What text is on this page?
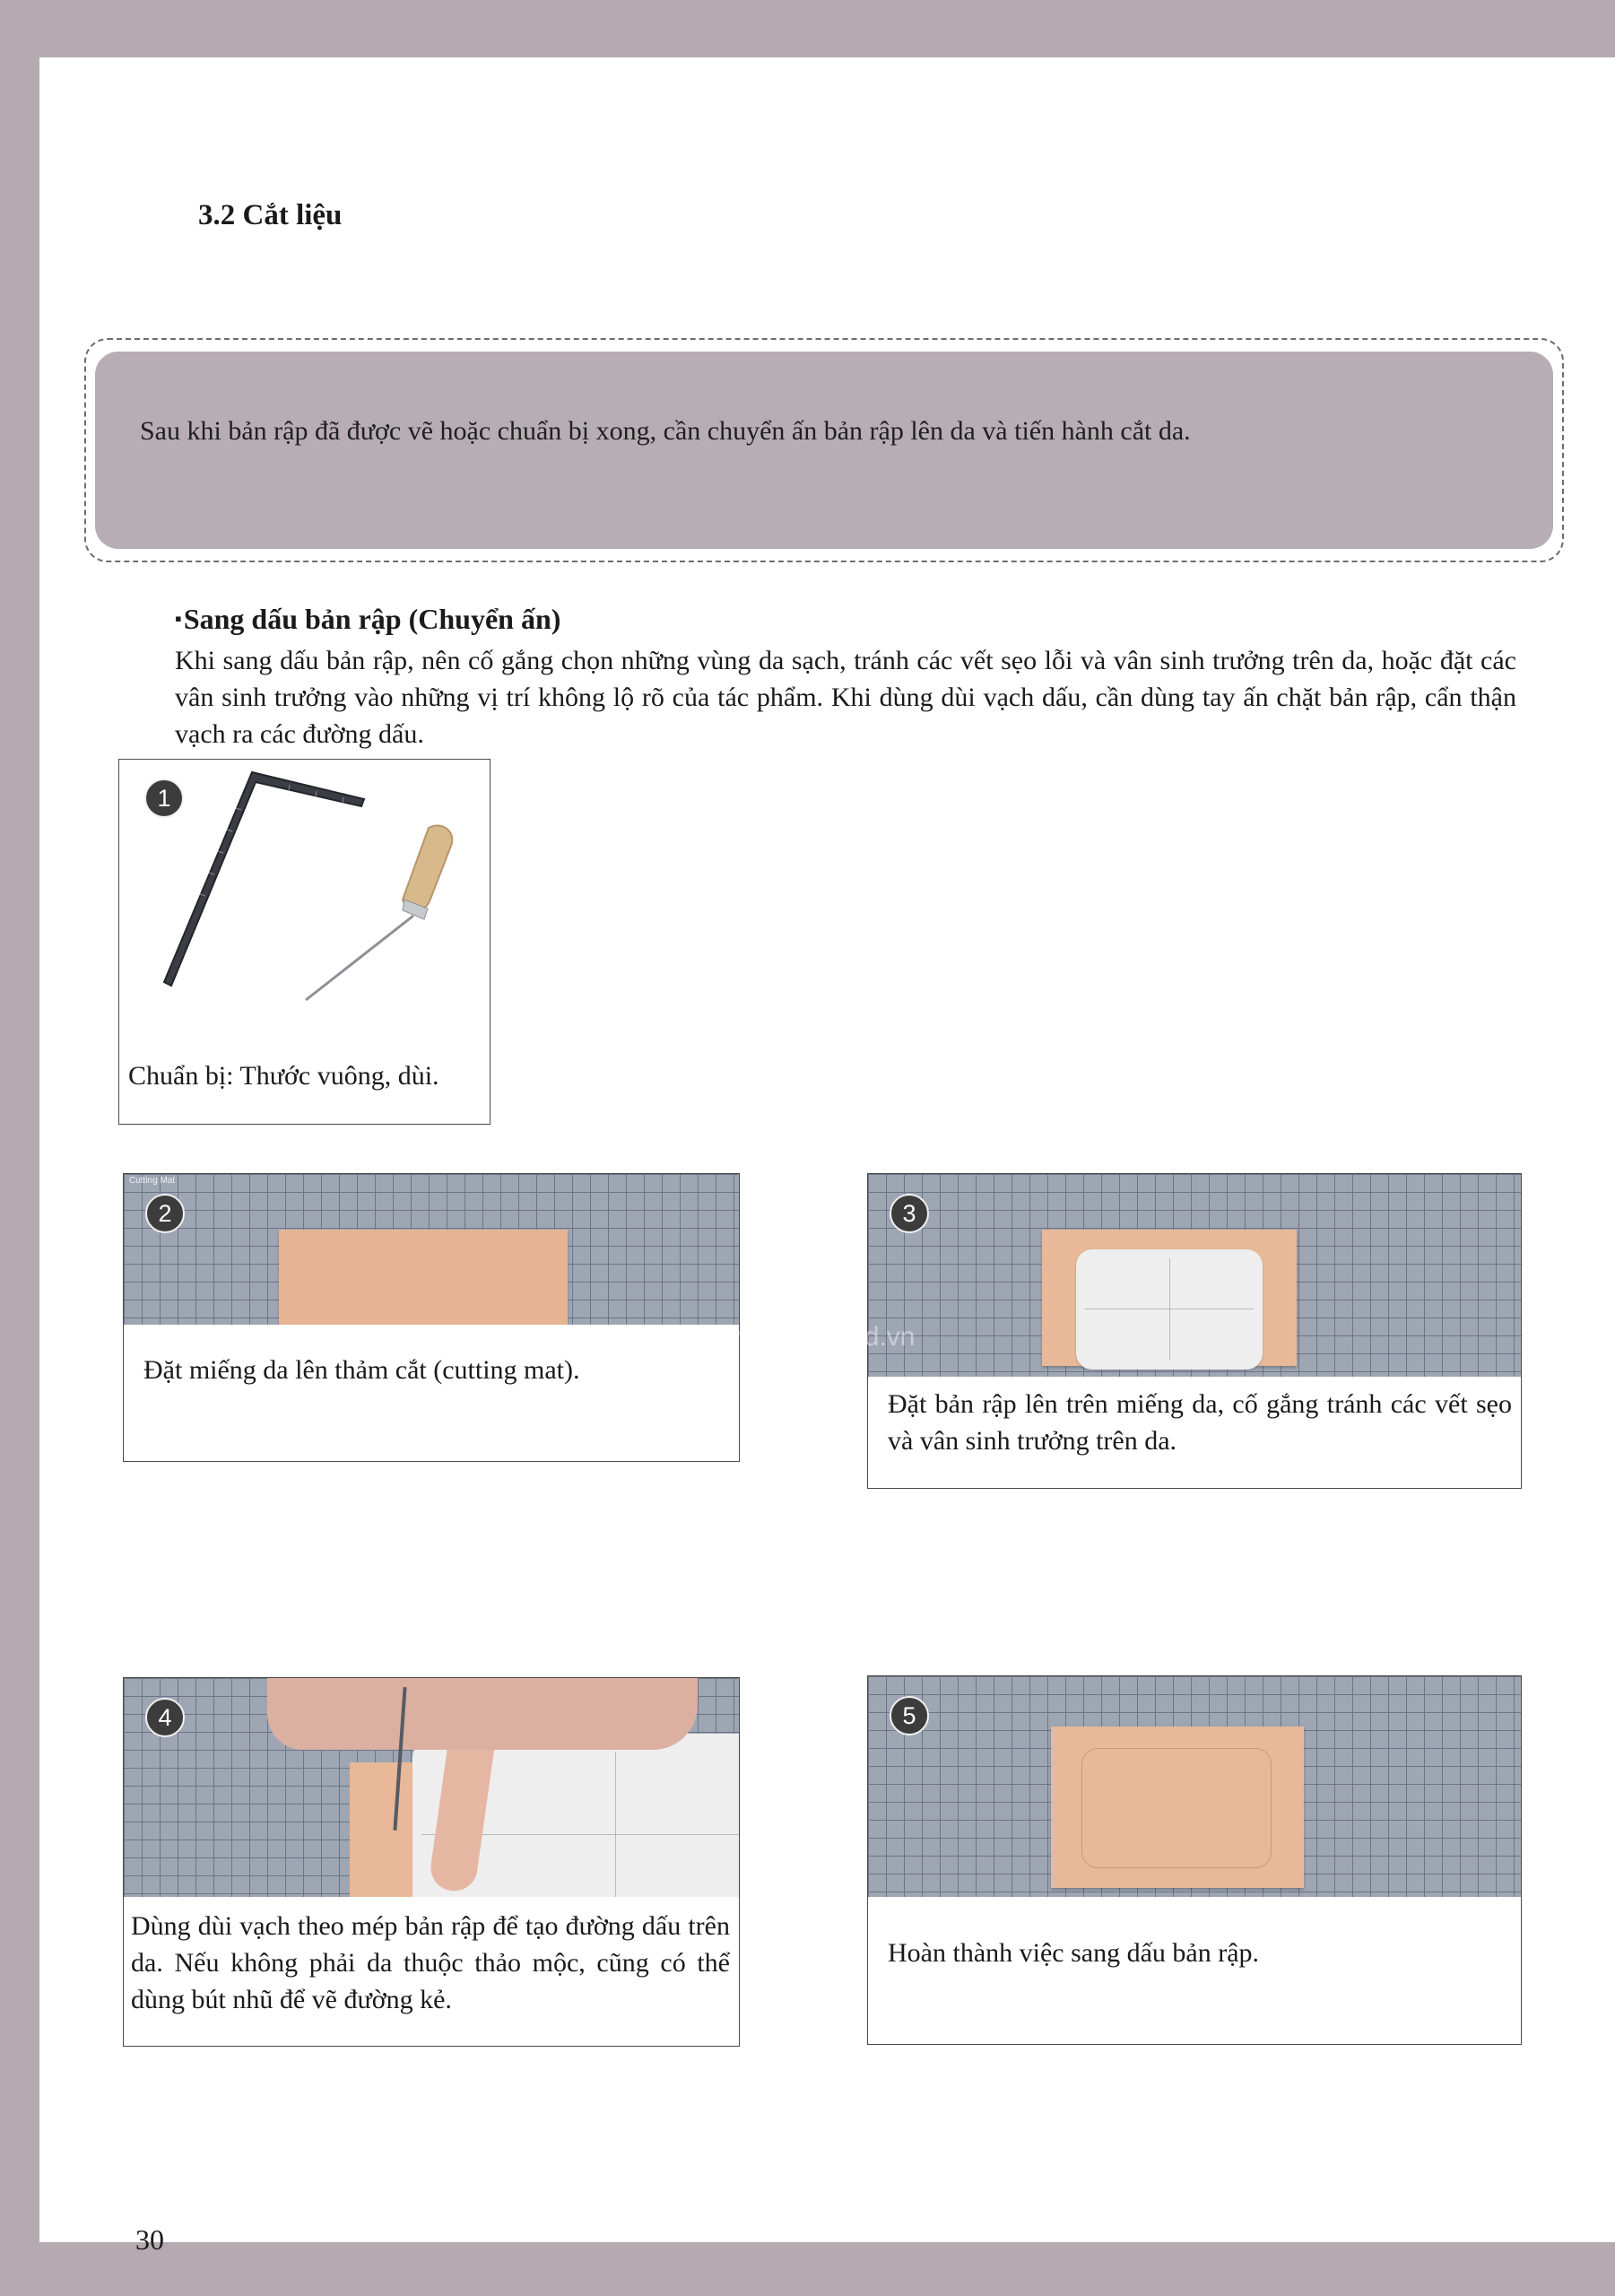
3.2 Cắt liệu

Sau khi bản rập đã được vẽ hoặc chuẩn bị xong, cần chuyển ấn bản rập lên da và tiến hành cắt da.

▪Sang dấu bản rập (Chuyển ấn)

Khi sang dấu bản rập, nên cố gắng chọn những vùng da sạch, tránh các vết sẹo lỗi và vân sinh trưởng trên da, hoặc đặt các vân sinh trưởng vào những vị trí không lộ rõ của tác phẩm. Khi dùng dùi vạch dấu, cần dùng tay ấn chặt bản rập, cẩn thận vạch ra các đường dấu.

1

Chuẩn bị: Thước vuông, dùi.

2
Cutting Mat

Đặt miếng da lên thảm cắt (cutting mat).

3

Đặt bản rập lên trên miếng da, cố gắng tránh các vết sẹo và vân sinh trưởng trên da.

4

Dùng dùi vạch theo mép bản rập để tạo đường dấu trên da. Nếu không phải da thuộc thảo mộc, cũng có thể dùng bút nhũ để vẽ đường kẻ.

5

Hoàn thành việc sang dấu bản rập.

www.olagood.vn

30
